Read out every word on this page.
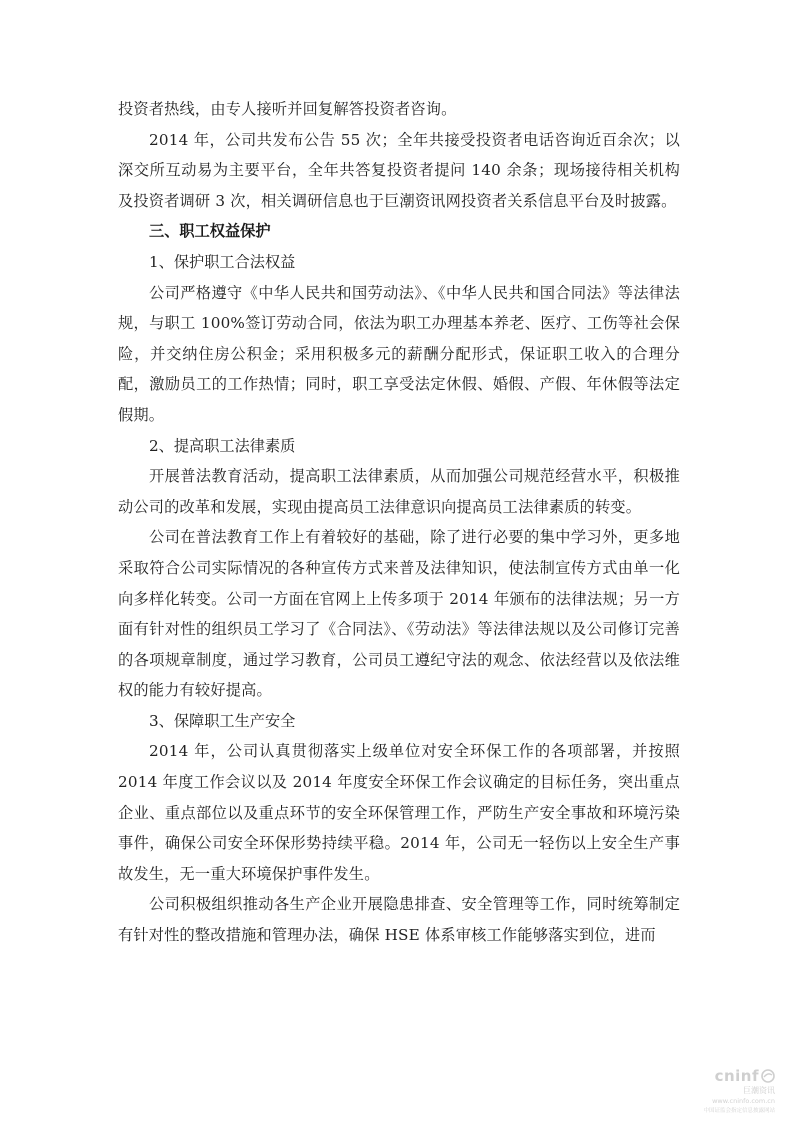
投资者热线，由专人接听并回复解答投资者咨询。

2014 年，公司共发布公告 55 次；全年共接受投资者电话咨询近百余次；以深交所互动易为主要平台，全年共答复投资者提问 140 余条；现场接待相关机构及投资者调研 3 次，相关调研信息也于巨潮资讯网投资者关系信息平台及时披露。

三、职工权益保护

1、保护职工合法权益

公司严格遵守《中华人民共和国劳动法》、《中华人民共和国合同法》等法律法规，与职工 100%签订劳动合同，依法为职工办理基本养老、医疗、工伤等社会保险，并交纳住房公积金；采用积极多元的薪酬分配形式，保证职工收入的合理分配，激励员工的工作热情；同时，职工享受法定休假、婚假、产假、年休假等法定假期。

2、提高职工法律素质

开展普法教育活动，提高职工法律素质，从而加强公司规范经营水平，积极推动公司的改革和发展，实现由提高员工法律意识向提高员工法律素质的转变。

公司在普法教育工作上有着较好的基础，除了进行必要的集中学习外，更多地采取符合公司实际情况的各种宣传方式来普及法律知识，使法制宣传方式由单一化向多样化转变。公司一方面在官网上上传多项于 2014 年颁布的法律法规；另一方面有针对性的组织员工学习了《合同法》、《劳动法》等法律法规以及公司修订完善的各项规章制度，通过学习教育，公司员工遵纪守法的观念、依法经营以及依法维权的能力有较好提高。

3、保障职工生产安全

2014 年，公司认真贯彻落实上级单位对安全环保工作的各项部署，并按照 2014 年度工作会议以及 2014 年度安全环保工作会议确定的目标任务，突出重点企业、重点部位以及重点环节的安全环保管理工作，严防生产安全事故和环境污染事件，确保公司安全环保形势持续平稳。2014 年，公司无一轻伤以上安全生产事故发生，无一重大环境保护事件发生。

公司积极组织推动各生产企业开展隐患排查、安全管理等工作，同时统筹制定有针对性的整改措施和管理办法，确保 HSE 体系审核工作能够落实到位，进而

cninf
巨潮资讯
www.cninfo.com.cn
中国证监会指定信息披露网站
